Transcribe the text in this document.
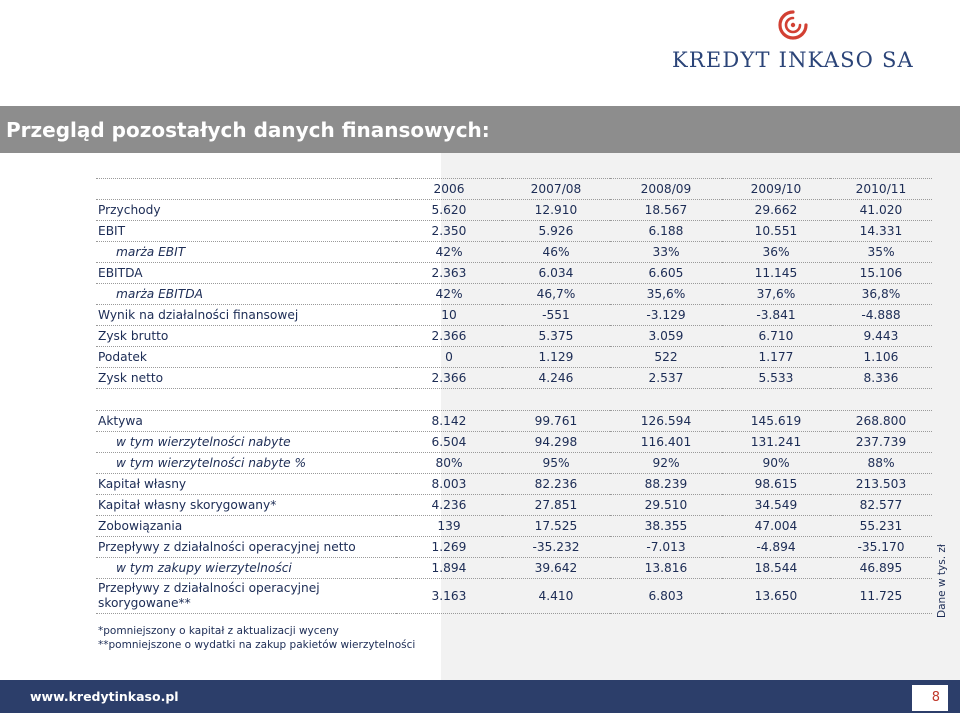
KREDYT INKASO SA
Przegląd pozostałych danych finansowych:
	2006	2007/08	2008/09	2009/10	2010/11
Przychody	5.620	12.910	18.567	29.662	41.020
EBIT	2.350	5.926	6.188	10.551	14.331
marża EBIT	42%	46%	33%	36%	35%
EBITDA	2.363	6.034	6.605	11.145	15.106
marża EBITDA	42%	46,7%	35,6%	37,6%	36,8%
Wynik na działalności finansowej	10	-551	-3.129	-3.841	-4.888
Zysk brutto	2.366	5.375	3.059	6.710	9.443
Podatek	0	1.129	522	1.177	1.106
Zysk netto	2.366	4.246	2.537	5.533	8.336

Aktywa	8.142	99.761	126.594	145.619	268.800
w tym wierzytelności nabyte	6.504	94.298	116.401	131.241	237.739
w tym wierzytelności nabyte %	80%	95%	92%	90%	88%
Kapitał własny	8.003	82.236	88.239	98.615	213.503
Kapitał własny skorygowany*	4.236	27.851	29.510	34.549	82.577
Zobowiązania	139	17.525	38.355	47.004	55.231
Przepływy z działalności operacyjnej netto	1.269	-35.232	-7.013	-4.894	-35.170
w tym zakupy wierzytelności	1.894	39.642	13.816	18.544	46.895
Przepływy z działalności operacyjnej skorygowane**	3.163	4.410	6.803	13.650	11.725
*pomniejszony o kapitał z aktualizacji wyceny
**pomniejszone o wydatki na zakup pakietów wierzytelności
Dane w tys. zł
www.kredytinkaso.pl	8
